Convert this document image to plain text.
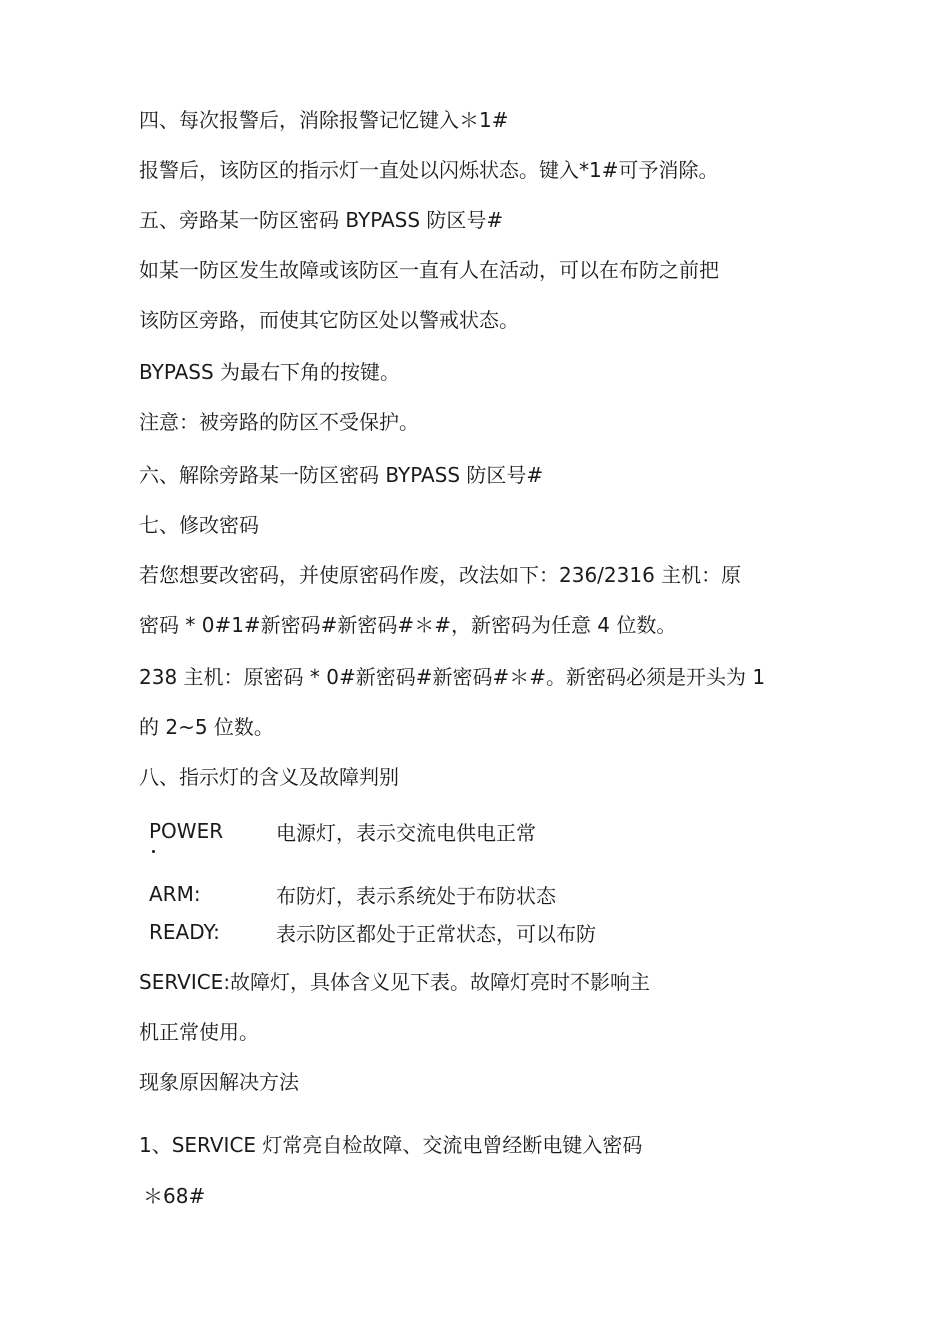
四、每次报警后，消除报警记忆键入＊1#
报警后，该防区的指示灯一直处以闪烁状态。键入*1#可予消除。
五、旁路某一防区密码 BYPASS 防区号#
如某一防区发生故障或该防区一直有人在活动，可以在布防之前把
该防区旁路，而使其它防区处以警戒状态。
BYPASS 为最右下角的按键。
注意：被旁路的防区不受保护。
六、解除旁路某一防区密码 BYPASS 防区号#
七、修改密码
若您想要改密码，并使原密码作废，改法如下：236/2316 主机：原
密码 * 0#1#新密码#新密码#＊#，新密码为任意 4 位数。
238 主机：原密码 * 0#新密码#新密码#＊#。新密码必须是开头为 1
的 2~5 位数。
八、指示灯的含义及故障判别
POWER	电源灯，表示交流电供电正常
ARM:	布防灯，表示系统处于布防状态
READY:	表示防区都处于正常状态，可以布防
SERVICE:故障灯，具体含义见下表。故障灯亮时不影响主
机正常使用。
现象原因解决方法
1、SERVICE 灯常亮自检故障、交流电曾经断电键入密码
＊68#
